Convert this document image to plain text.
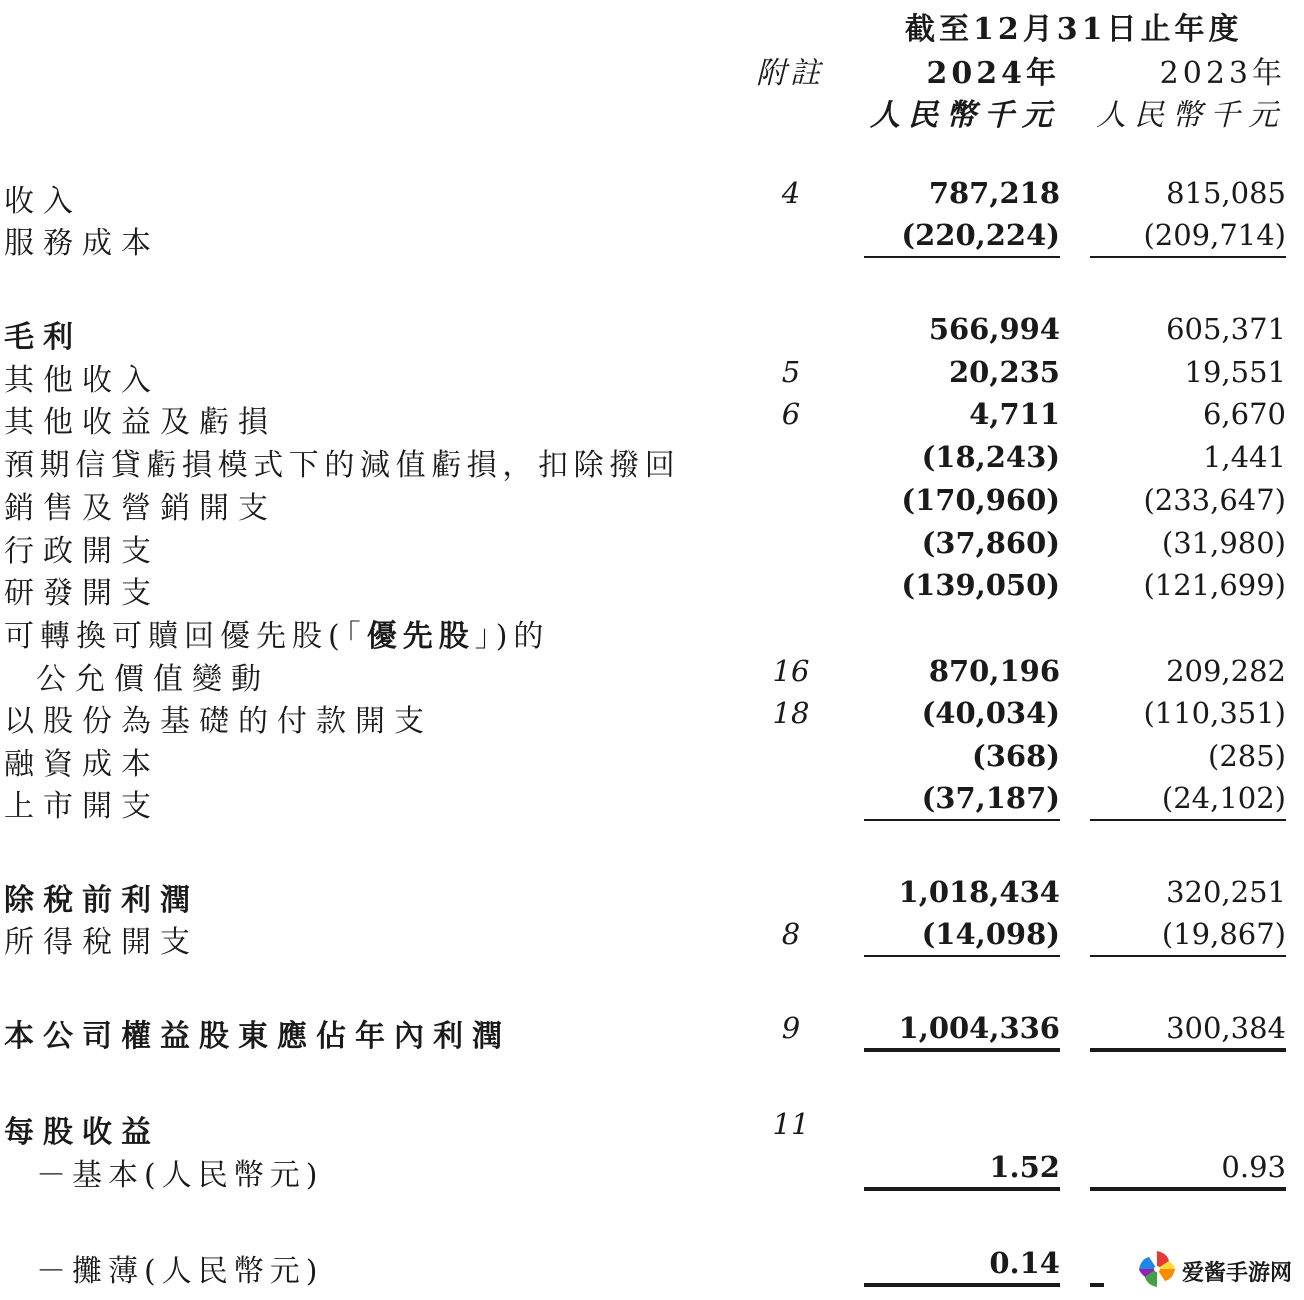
截至12月31日止年度
附註	2024年	2023年
人民幣千元 人民幣千元
收入	4	787,218	815,085
服務成本	(220,224)	(209,714)
毛利	566,994	605,371
其他收入	5	20,235	19,551
其他收益及虧損	6	4,711	6,670
預期信貸虧損模式下的減值虧損，扣除撥回	(18,243)	1,441
銷售及營銷開支	(170,960)	(233,647)
行政開支	(37,860)	(31,980)
研發開支	(139,050)	(121,699)
可轉換可贖回優先股(「優先股」)的
公允價值變動	16	870,196	209,282
以股份為基礎的付款開支	18	(40,034)	(110,351)
融資成本	(368)	(285)
上市開支	(37,187)	(24,102)
除稅前利潤	1,018,434	320,251
所得稅開支	8	(14,098)	(19,867)
本公司權益股東應佔年內利潤	9	1,004,336	300,384
每股收益	11
－基本(人民幣元)	1.52	0.93
－攤薄(人民幣元)	0.14	爱酱手游网
